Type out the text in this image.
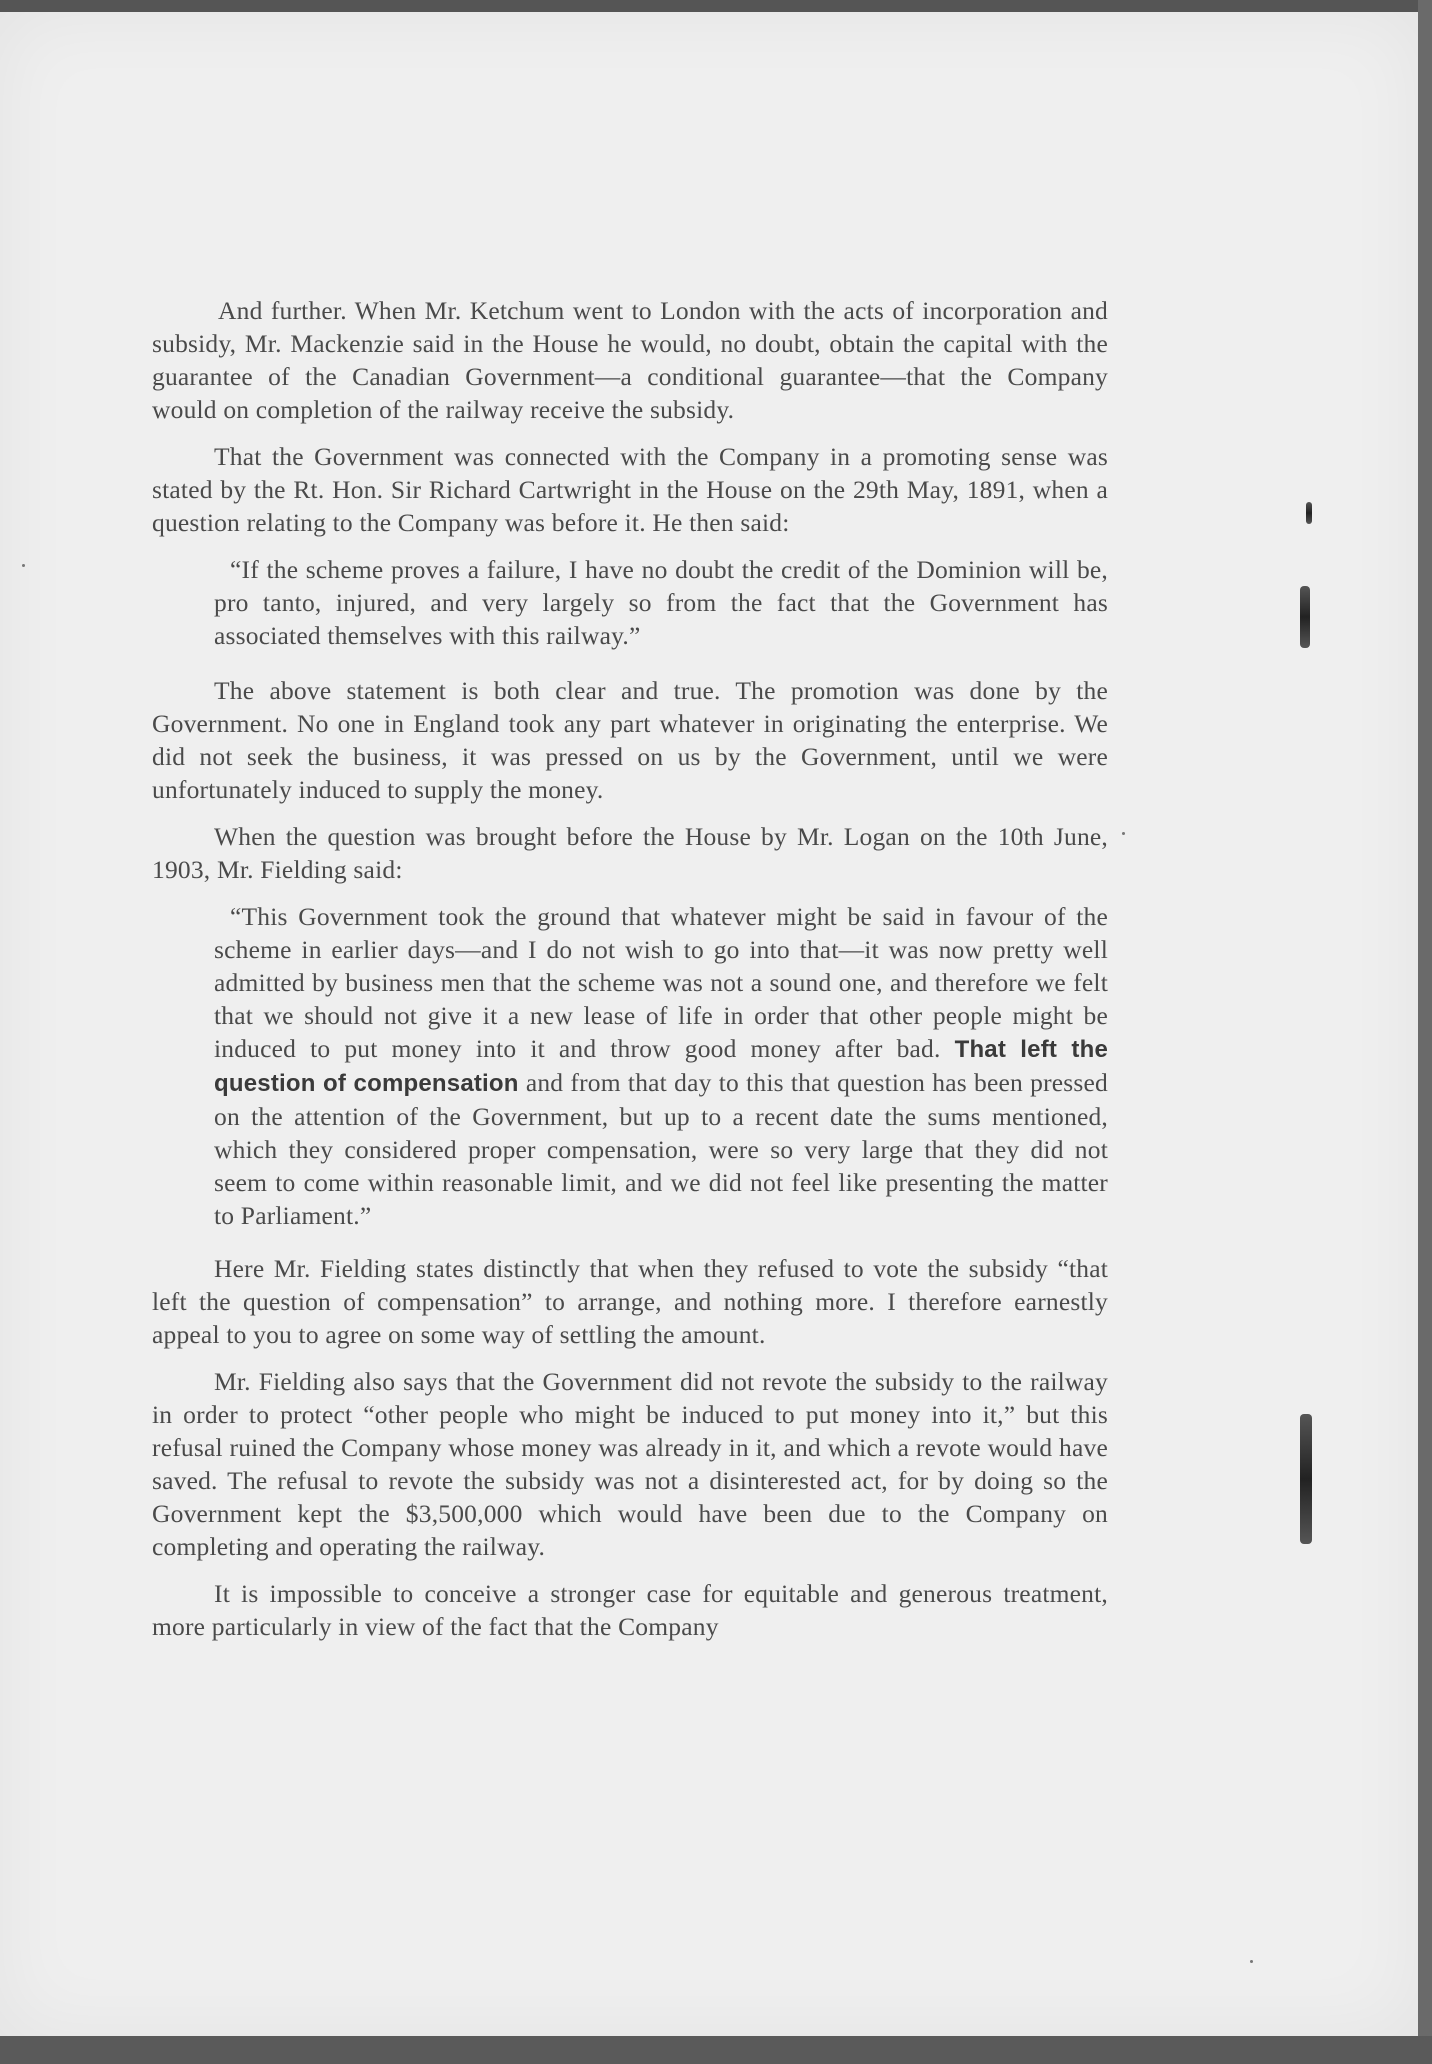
And further. When Mr. Ketchum went to London with the acts of incorporation and subsidy, Mr. Mackenzie said in the House he would, no doubt, obtain the capital with the guarantee of the Canadian Government—a conditional guarantee—that the Company would on completion of the railway receive the subsidy.

That the Government was connected with the Company in a promoting sense was stated by the Rt. Hon. Sir Richard Cartwright in the House on the 29th May, 1891, when a question relating to the Company was before it. He then said:

“If the scheme proves a failure, I have no doubt the credit of the Dominion will be, pro tanto, injured, and very largely so from the fact that the Government has associated themselves with this railway.”

The above statement is both clear and true. The promotion was done by the Government. No one in England took any part whatever in originating the enterprise. We did not seek the business, it was pressed on us by the Government, until we were unfortunately induced to supply the money.

When the question was brought before the House by Mr. Logan on the 10th June, 1903, Mr. Fielding said:

“This Government took the ground that whatever might be said in favour of the scheme in earlier days—and I do not wish to go into that—it was now pretty well admitted by business men that the scheme was not a sound one, and therefore we felt that we should not give it a new lease of life in order that other people might be induced to put money into it and throw good money after bad. That left the question of compensation and from that day to this that question has been pressed on the attention of the Government, but up to a recent date the sums mentioned, which they considered proper compensation, were so very large that they did not seem to come within reasonable limit, and we did not feel like presenting the matter to Parliament.”

Here Mr. Fielding states distinctly that when they refused to vote the subsidy “that left the question of compensation” to arrange, and nothing more. I therefore earnestly appeal to you to agree on some way of settling the amount.

Mr. Fielding also says that the Government did not revote the subsidy to the railway in order to protect “other people who might be induced to put money into it,” but this refusal ruined the Company whose money was already in it, and which a revote would have saved. The refusal to revote the subsidy was not a disinterested act, for by doing so the Government kept the $3,500,000 which would have been due to the Company on completing and operating the railway.

It is impossible to conceive a stronger case for equitable and generous treatment, more particularly in view of the fact that the Company
